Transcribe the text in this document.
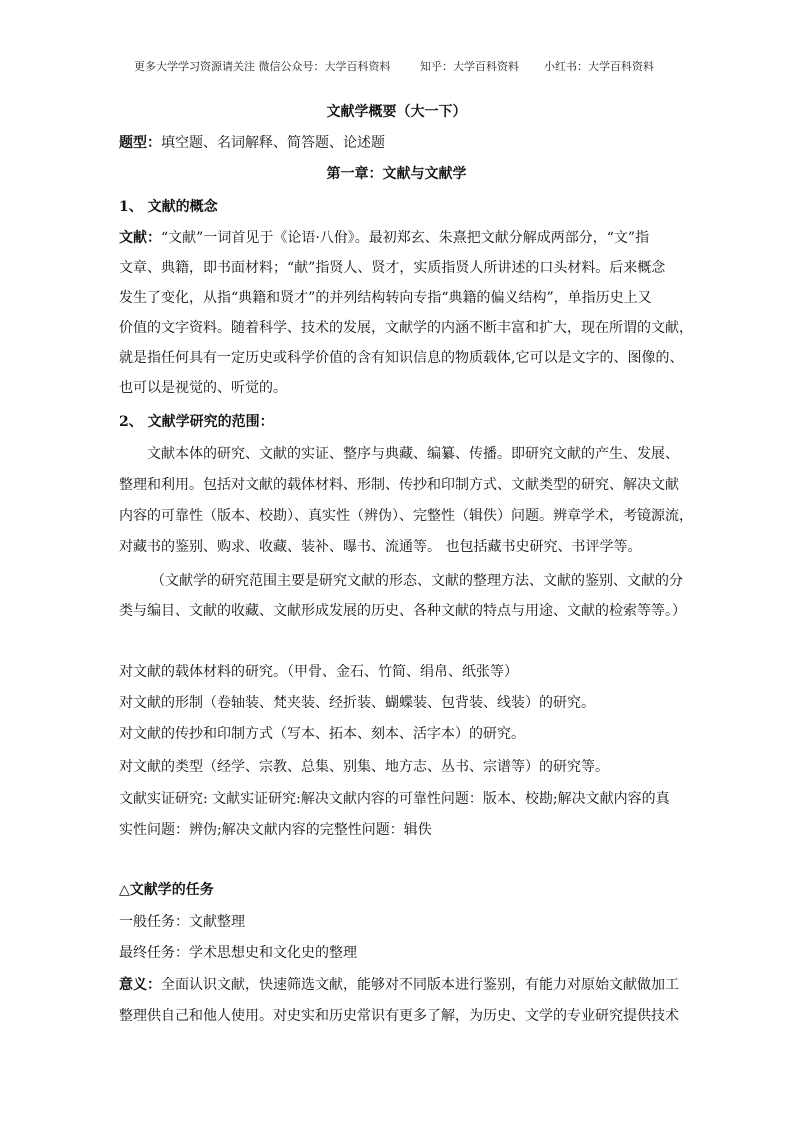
更多大学学习资源请关注 微信公众号：大学百科资料	知乎：大学百科资料 小红书：大学百科资料
文献学概要（大一下）
题型：填空题、名词解释、简答题、论述题
第一章：文献与文献学
1、 文献的概念
文献：“文献”一词首见于《论语·八佾》。最初郑玄、朱熹把文献分解成两部分，“文”指
文章、典籍，即书面材料；“献”指贤人、贤才，实质指贤人所讲述的口头材料。后来概念
发生了变化，从指“典籍和贤才”的并列结构转向专指“典籍的偏义结构”，单指历史上又
价值的文字资料。随着科学、技术的发展，文献学的内涵不断丰富和扩大，现在所谓的文献，
就是指任何具有一定历史或科学价值的含有知识信息的物质载体,它可以是文字的、图像的、
也可以是视觉的、听觉的。
2、 文献学研究的范围：
文献本体的研究、文献的实证、整序与典藏、编纂、传播。即研究文献的产生、发展、
整理和利用。包括对文献的载体材料、形制、传抄和印制方式、文献类型的研究、解决文献
内容的可靠性（版本、校勘）、真实性（辨伪）、完整性（辑佚）问题。辨章学术，考镜源流，
对藏书的鉴别、购求、收藏、装补、曝书、流通等。 也包括藏书史研究、书评学等。
（文献学的研究范围主要是研究文献的形态、文献的整理方法、文献的鉴别、文献的分
类与编目、文献的收藏、文献形成发展的历史、各种文献的特点与用途、文献的检索等等。）
对文献的载体材料的研究。（甲骨、金石、竹简、绢帛、纸张等）
对文献的形制（卷轴装、梵夹装、经折装、蝴蝶装、包背装、线装）的研究。
对文献的传抄和印制方式（写本、拓本、刻本、活字本）的研究。
对文献的类型（经学、宗教、总集、别集、地方志、丛书、宗谱等）的研究等。
文献实证研究: 文献实证研究:解决文献内容的可靠性问题：版本、校勘;解决文献内容的真
实性问题：辨伪;解决文献内容的完整性问题：辑佚
△文献学的任务
一般任务：文献整理
最终任务：学术思想史和文化史的整理
意义：全面认识文献，快速筛选文献，能够对不同版本进行鉴别，有能力对原始文献做加工
整理供自己和他人使用。对史实和历史常识有更多了解，为历史、文学的专业研究提供技术
